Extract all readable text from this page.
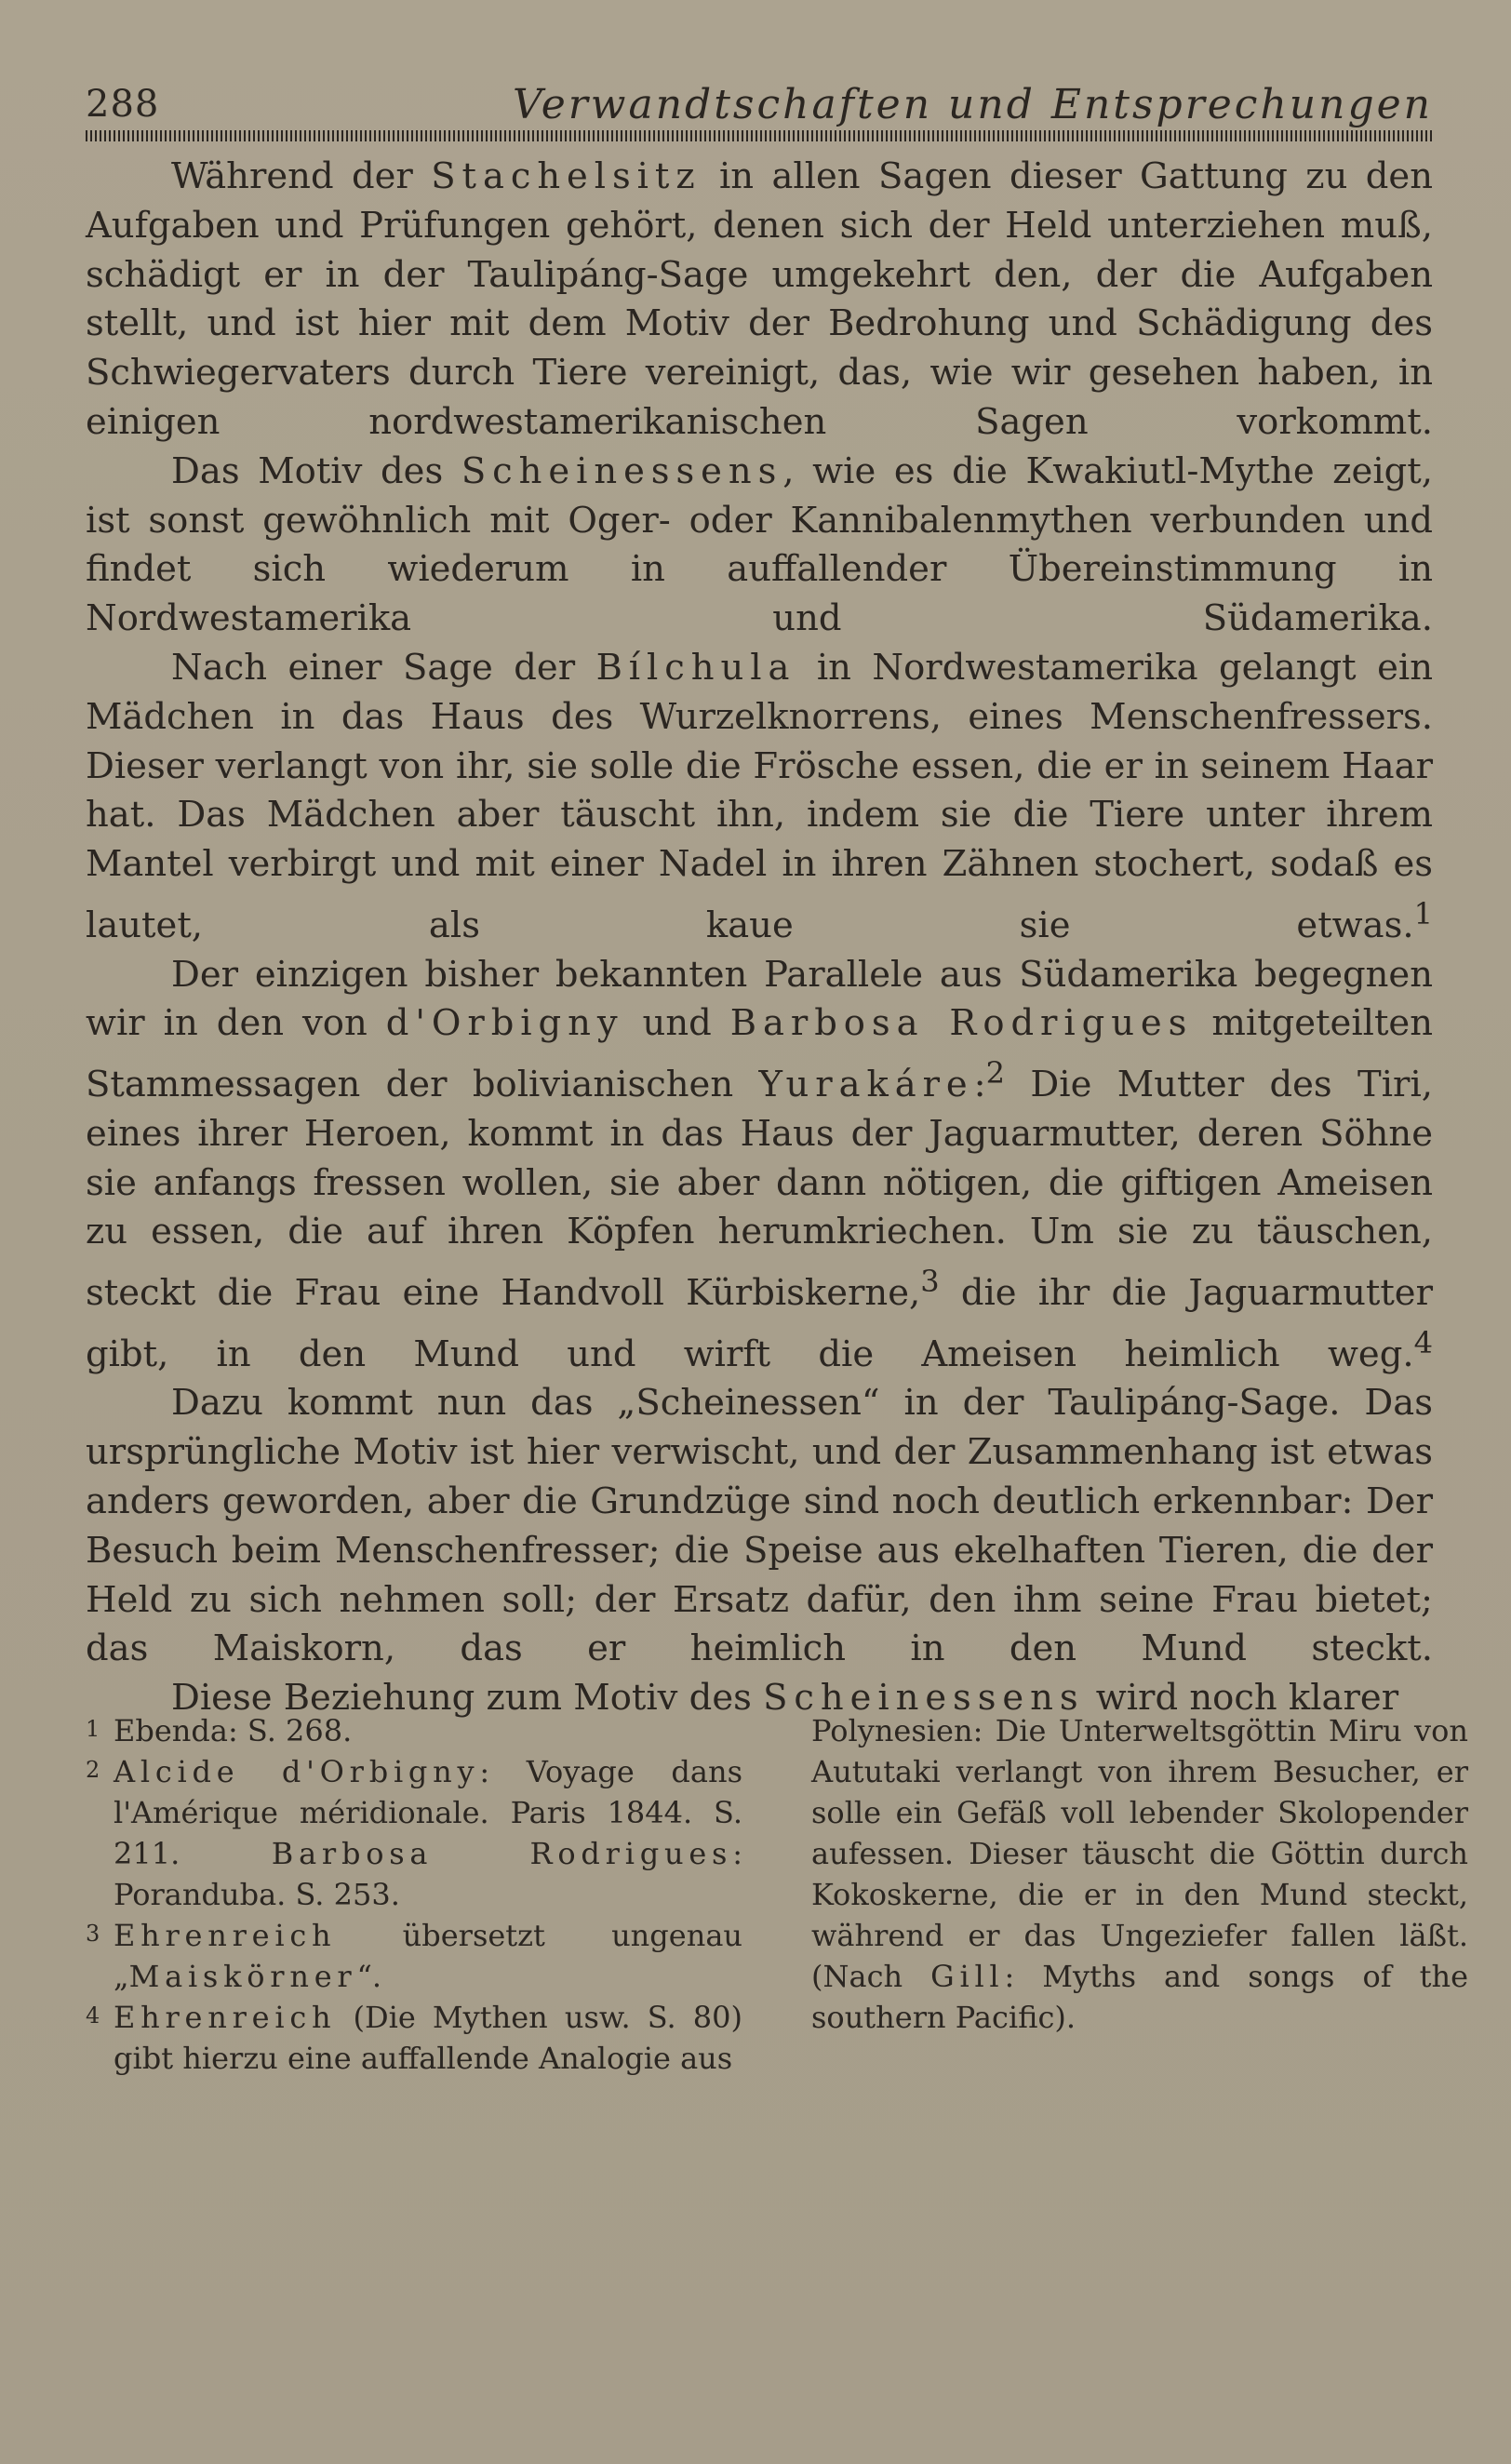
288	Verwandtschaften und Entsprechungen

Während der Stachelsitz in allen Sagen dieser Gattung zu den Aufgaben und Prüfungen gehört, denen sich der Held unterziehen muß, schädigt er in der Taulipáng-Sage umgekehrt den, der die Aufgaben stellt, und ist hier mit dem Motiv der Bedrohung und Schädigung des Schwiegervaters durch Tiere vereinigt, das, wie wir gesehen haben, in einigen nordwestamerikanischen Sagen vorkommt.

Das Motiv des Scheinessens, wie es die Kwakiutl-Mythe zeigt, ist sonst gewöhnlich mit Oger- oder Kannibalenmythen verbunden und findet sich wiederum in auffallender Übereinstimmung in Nordwestamerika und Südamerika.

Nach einer Sage der Bílchula in Nordwestamerika gelangt ein Mädchen in das Haus des Wurzelknorrens, eines Menschenfressers. Dieser verlangt von ihr, sie solle die Frösche essen, die er in seinem Haar hat. Das Mädchen aber täuscht ihn, indem sie die Tiere unter ihrem Mantel verbirgt und mit einer Nadel in ihren Zähnen stochert, sodaß es lautet, als kaue sie etwas.$^1$

Der einzigen bisher bekannten Parallele aus Südamerika begegnen wir in den von d'Orbigny und Barbosa Rodrigues mitgeteilten Stammessagen der bolivianischen Yurakáre:$^2$ Die Mutter des Tiri, eines ihrer Heroen, kommt in das Haus der Jaguarmutter, deren Söhne sie anfangs fressen wollen, sie aber dann nötigen, die giftigen Ameisen zu essen, die auf ihren Köpfen herumkriechen. Um sie zu täuschen, steckt die Frau eine Handvoll Kürbiskerne,$^3$ die ihr die Jaguarmutter gibt, in den Mund und wirft die Ameisen heimlich weg.$^4$

Dazu kommt nun das „Scheinessen“ in der Taulipáng-Sage. Das ursprüngliche Motiv ist hier verwischt, und der Zusammenhang ist etwas anders geworden, aber die Grundzüge sind noch deutlich erkennbar: Der Besuch beim Menschenfresser; die Speise aus ekelhaften Tieren, die der Held zu sich nehmen soll; der Ersatz dafür, den ihm seine Frau bietet; das Maiskorn, das er heimlich in den Mund steckt.

Diese Beziehung zum Motiv des Scheinessens wird noch klarer

1 Ebenda: S. 268.
2 Alcide d'Orbigny: Voyage dans l'Amérique méridionale. Paris 1844. S. 211. Barbosa Rodrigues: Poranduba. S. 253.
3 Ehrenreich übersetzt ungenau „Maiskörner“.
4 Ehrenreich (Die Mythen usw. S. 80) gibt hierzu eine auffallende Analogie aus
Polynesien: Die Unterweltsgöttin Miru von Aututaki verlangt von ihrem Besucher, er solle ein Gefäß voll lebender Skolopender aufessen. Dieser täuscht die Göttin durch Kokoskerne, die er in den Mund steckt, während er das Ungeziefer fallen läßt. (Nach Gill: Myths and songs of the southern Pacific).
